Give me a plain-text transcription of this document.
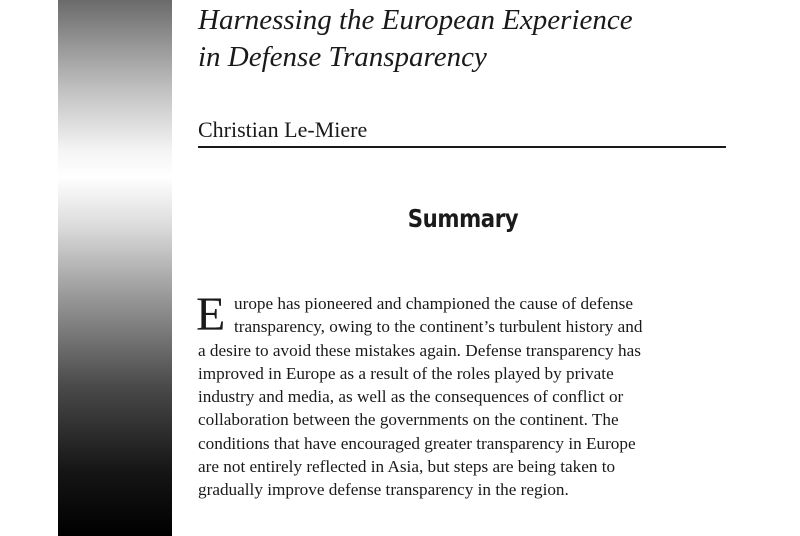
Harnessing the European Experience
in Defense Transparency
Christian Le-Miere
Summary
E urope has pioneered and championed the cause of defense
transparency, owing to the continent’s turbulent history and
a desire to avoid these mistakes again. Defense transparency has
improved in Europe as a result of the roles played by private
industry and media, as well as the consequences of conflict or
collaboration between the governments on the continent. The
conditions that have encouraged greater transparency in Europe
are not entirely reflected in Asia, but steps are being taken to
gradually improve defense transparency in the region.
